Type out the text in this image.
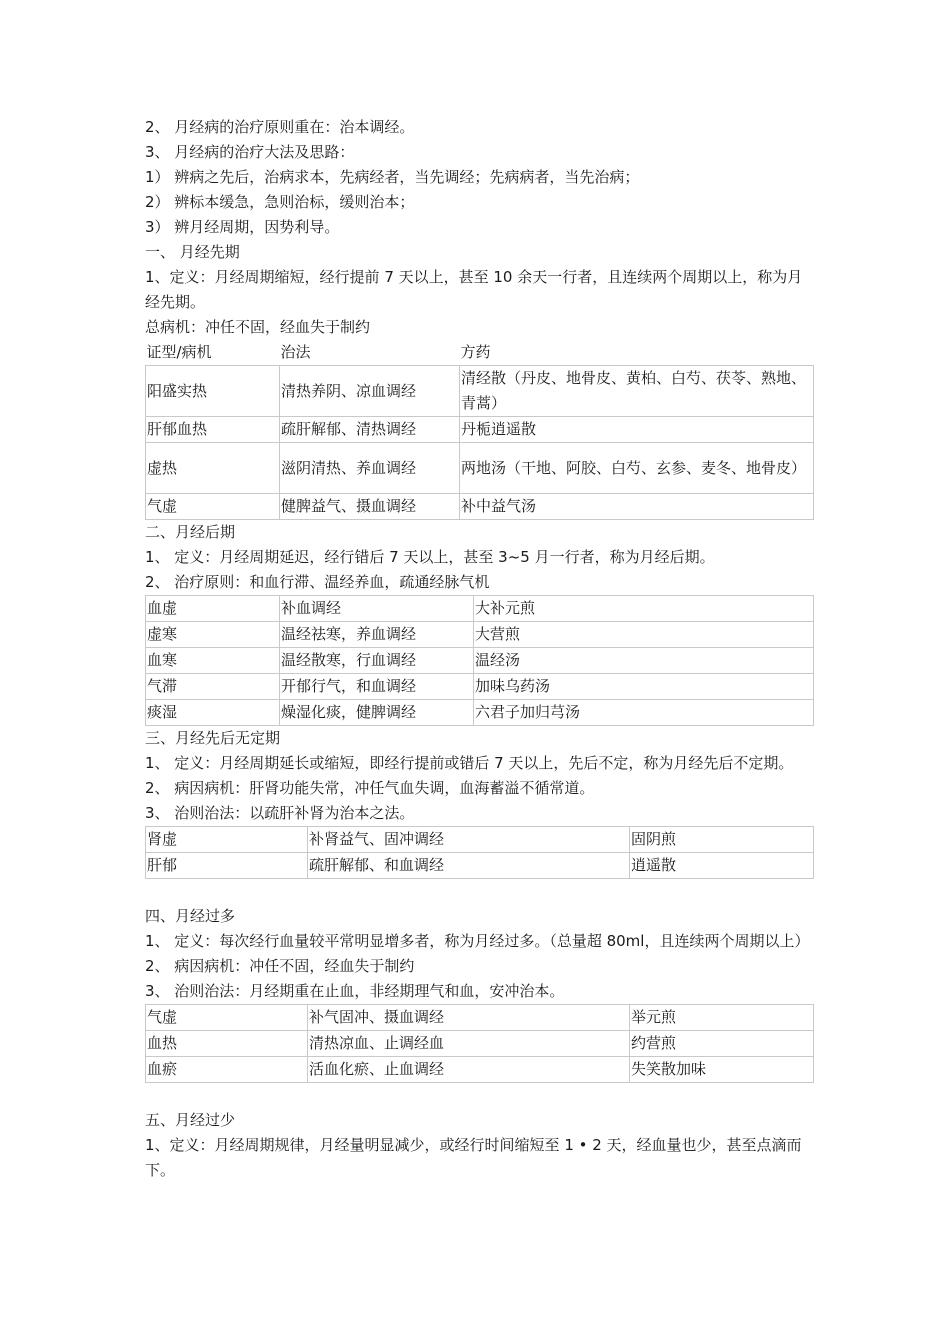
2、 月经病的治疗原则重在：治本调经。
3、 月经病的治疗大法及思路：
1） 辨病之先后，治病求本，先病经者，当先调经；先病病者，当先治病；
2） 辨标本缓急，急则治标，缓则治本；
3） 辨月经周期，因势利导。
一、 月经先期
1、定义：月经周期缩短，经行提前 7 天以上，甚至 10 余天一行者，且连续两个周期以上，称为月经先期。
总病机：冲任不固，经血失于制约
证型/病机	治法	方药
阳盛实热	清热养阴、凉血调经	清经散（丹皮、地骨皮、黄柏、白芍、茯苓、熟地、青蒿）
肝郁血热	疏肝解郁、清热调经	丹栀逍遥散
虚热	滋阴清热、养血调经	两地汤（干地、阿胶、白芍、玄参、麦冬、地骨皮）
气虚	健脾益气、摄血调经	补中益气汤
二、月经后期
1、 定义：月经周期延迟，经行错后 7 天以上，甚至 3~5 月一行者，称为月经后期。
2、 治疗原则：和血行滞、温经养血，疏通经脉气机
血虚	补血调经	大补元煎
虚寒	温经祛寒，养血调经	大营煎
血寒	温经散寒，行血调经	温经汤
气滞	开郁行气，和血调经	加味乌药汤
痰湿	燥湿化痰，健脾调经	六君子加归芎汤
三、月经先后无定期
1、 定义：月经周期延长或缩短，即经行提前或错后 7 天以上，先后不定，称为月经先后不定期。
2、 病因病机：肝肾功能失常，冲任气血失调，血海蓄溢不循常道。
3、 治则治法：以疏肝补肾为治本之法。
肾虚	补肾益气、固冲调经	固阴煎
肝郁	疏肝解郁、和血调经	逍遥散
四、月经过多
1、 定义：每次经行血量较平常明显增多者，称为月经过多。（总量超 80ml，且连续两个周期以上）
2、 病因病机：冲任不固，经血失于制约
3、 治则治法：月经期重在止血，非经期理气和血，安冲治本。
气虚	补气固冲、摄血调经	举元煎
血热	清热凉血、止调经血	约营煎
血瘀	活血化瘀、止血调经	失笑散加味
五、月经过少
1、定义：月经周期规律，月经量明显减少，或经行时间缩短至 1 • 2 天，经血量也少，甚至点滴而下。
